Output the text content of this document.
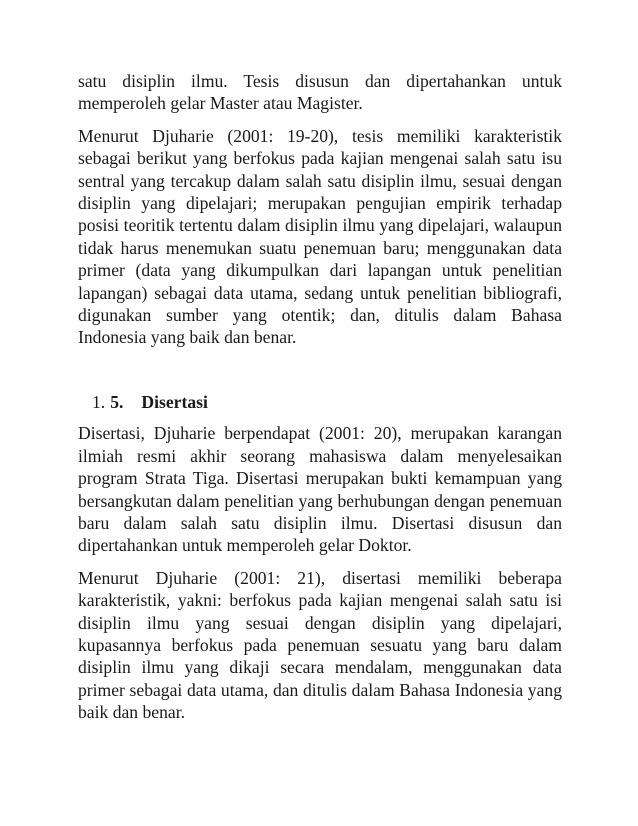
satu disiplin ilmu. Tesis disusun dan dipertahankan untuk memperoleh gelar Master atau Magister.

Menurut Djuharie (2001: 19-20), tesis memiliki karakteristik sebagai berikut yang berfokus pada kajian mengenai salah satu isu sentral yang tercakup dalam salah satu disiplin ilmu, sesuai dengan disiplin yang dipelajari; merupakan pengujian empirik terhadap posisi teoritik tertentu dalam disiplin ilmu yang dipelajari, walaupun tidak harus menemukan suatu penemuan baru; menggunakan data primer (data yang dikumpulkan dari lapangan untuk penelitian lapangan) sebagai data utama, sedang untuk penelitian bibliografi, digunakan sumber yang otentik; dan, ditulis dalam Bahasa Indonesia yang baik dan benar.

1. 5. Disertasi

Disertasi, Djuharie berpendapat (2001: 20), merupakan karangan ilmiah resmi akhir seorang mahasiswa dalam menyelesaikan program Strata Tiga. Disertasi merupakan bukti kemampuan yang bersangkutan dalam penelitian yang berhubungan dengan penemuan baru dalam salah satu disiplin ilmu. Disertasi disusun dan dipertahankan untuk memperoleh gelar Doktor.

Menurut Djuharie (2001: 21), disertasi memiliki beberapa karakteristik, yakni: berfokus pada kajian mengenai salah satu isi disiplin ilmu yang sesuai dengan disiplin yang dipelajari, kupasannya berfokus pada penemuan sesuatu yang baru dalam disiplin ilmu yang dikaji secara mendalam, menggunakan data primer sebagai data utama, dan ditulis dalam Bahasa Indonesia yang baik dan benar.
